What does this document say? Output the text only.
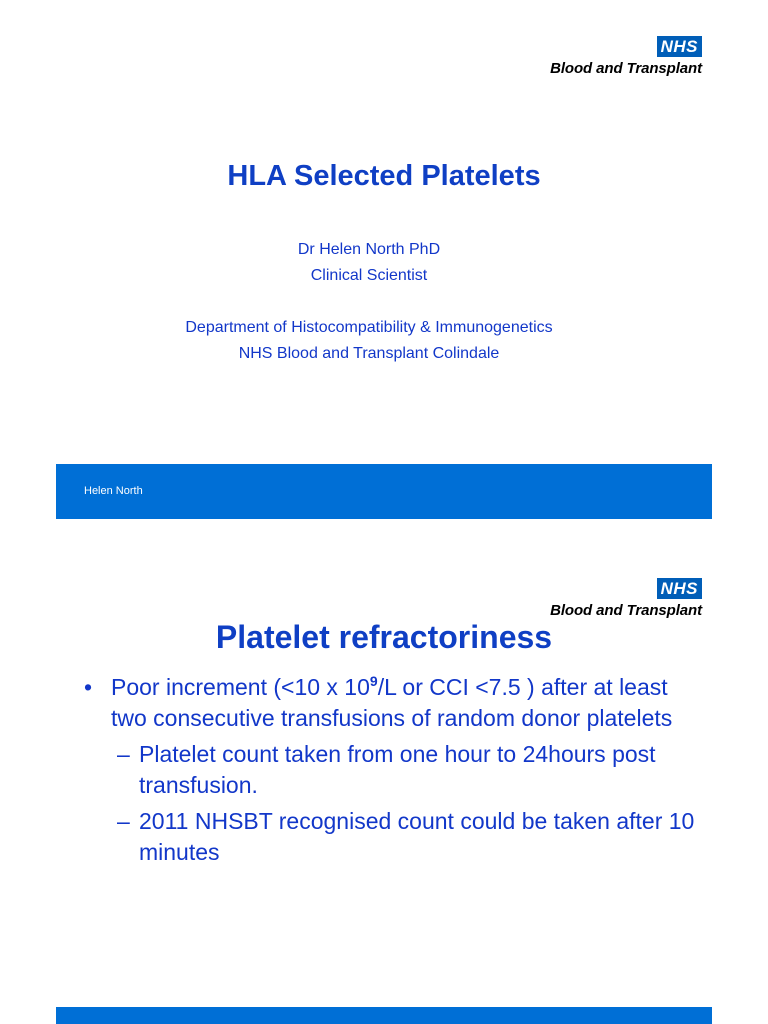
NHS
Blood and Transplant
HLA Selected Platelets

Dr Helen North PhD

Clinical Scientist

Department of Histocompatibility & Immunogenetics

NHS Blood and Transplant Colindale

Helen North
NHS
Blood and Transplant
Platelet refractoriness

• Poor increment (<10 x $10^9/L$ or CCI <7.5 ) after at least two consecutive transfusions of random donor platelets

– Platelet count taken from one hour to 24hours post transfusion.

– 2011 NHSBT recognised count could be taken after 10 minutes
